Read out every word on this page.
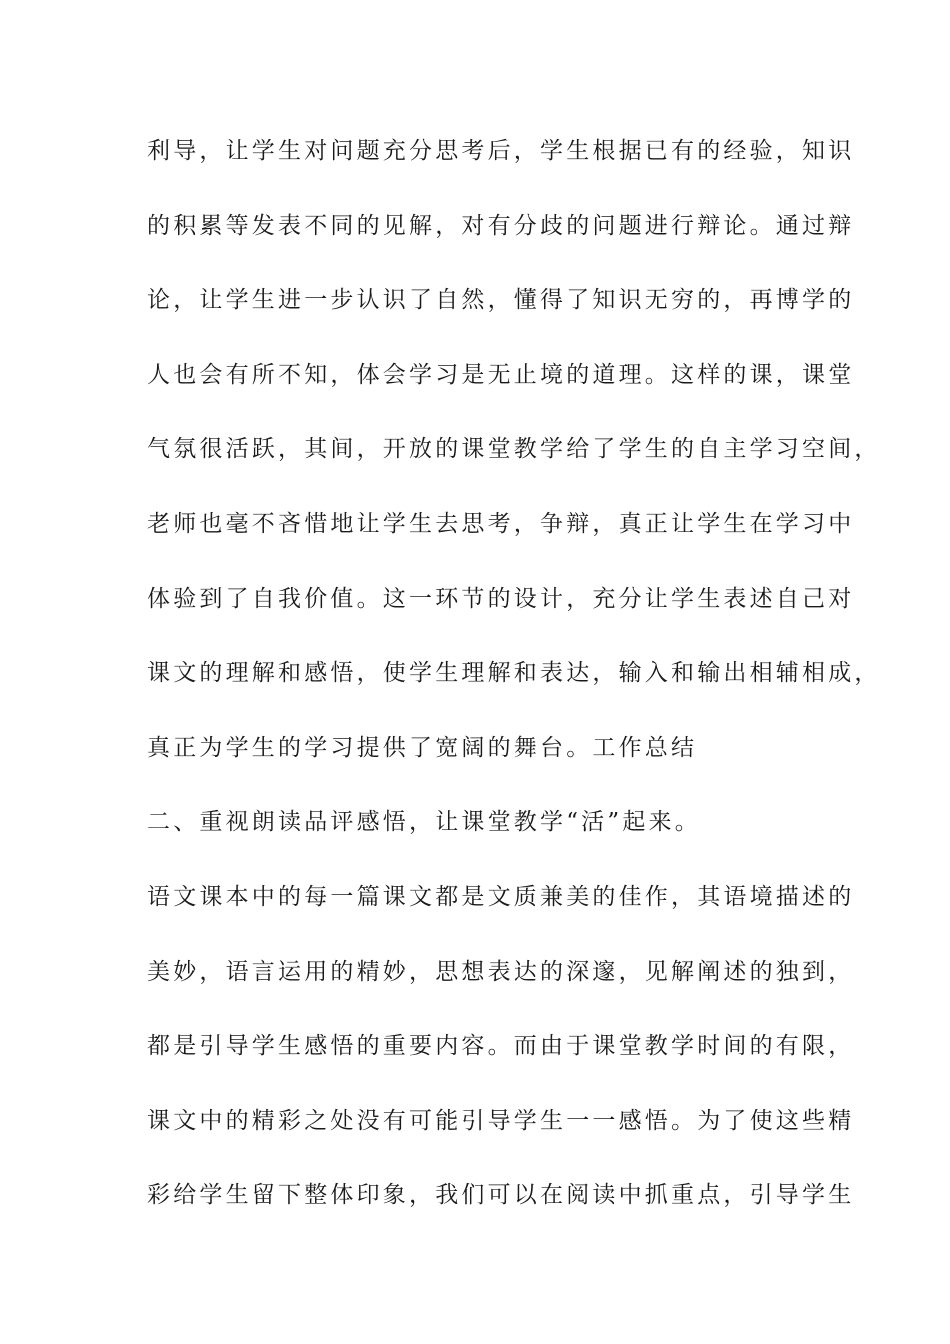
利导，让学生对问题充分思考后，学生根据已有的经验，知识
的积累等发表不同的见解，对有分歧的问题进行辩论。通过辩
论，让学生进一步认识了自然，懂得了知识无穷的，再博学的
人也会有所不知，体会学习是无止境的道理。这样的课，课堂
气氛很活跃，其间，开放的课堂教学给了学生的自主学习空间，
老师也毫不吝惜地让学生去思考，争辩，真正让学生在学习中
体验到了自我价值。这一环节的设计，充分让学生表述自己对
课文的理解和感悟，使学生理解和表达，输入和输出相辅相成，
真正为学生的学习提供了宽阔的舞台。工作总结
二、重视朗读品评感悟，让课堂教学“活”起来。
语文课本中的每一篇课文都是文质兼美的佳作，其语境描述的
美妙，语言运用的精妙，思想表达的深邃，见解阐述的独到，
都是引导学生感悟的重要内容。而由于课堂教学时间的有限，
课文中的精彩之处没有可能引导学生一一感悟。为了使这些精
彩给学生留下整体印象，我们可以在阅读中抓重点，引导学生
